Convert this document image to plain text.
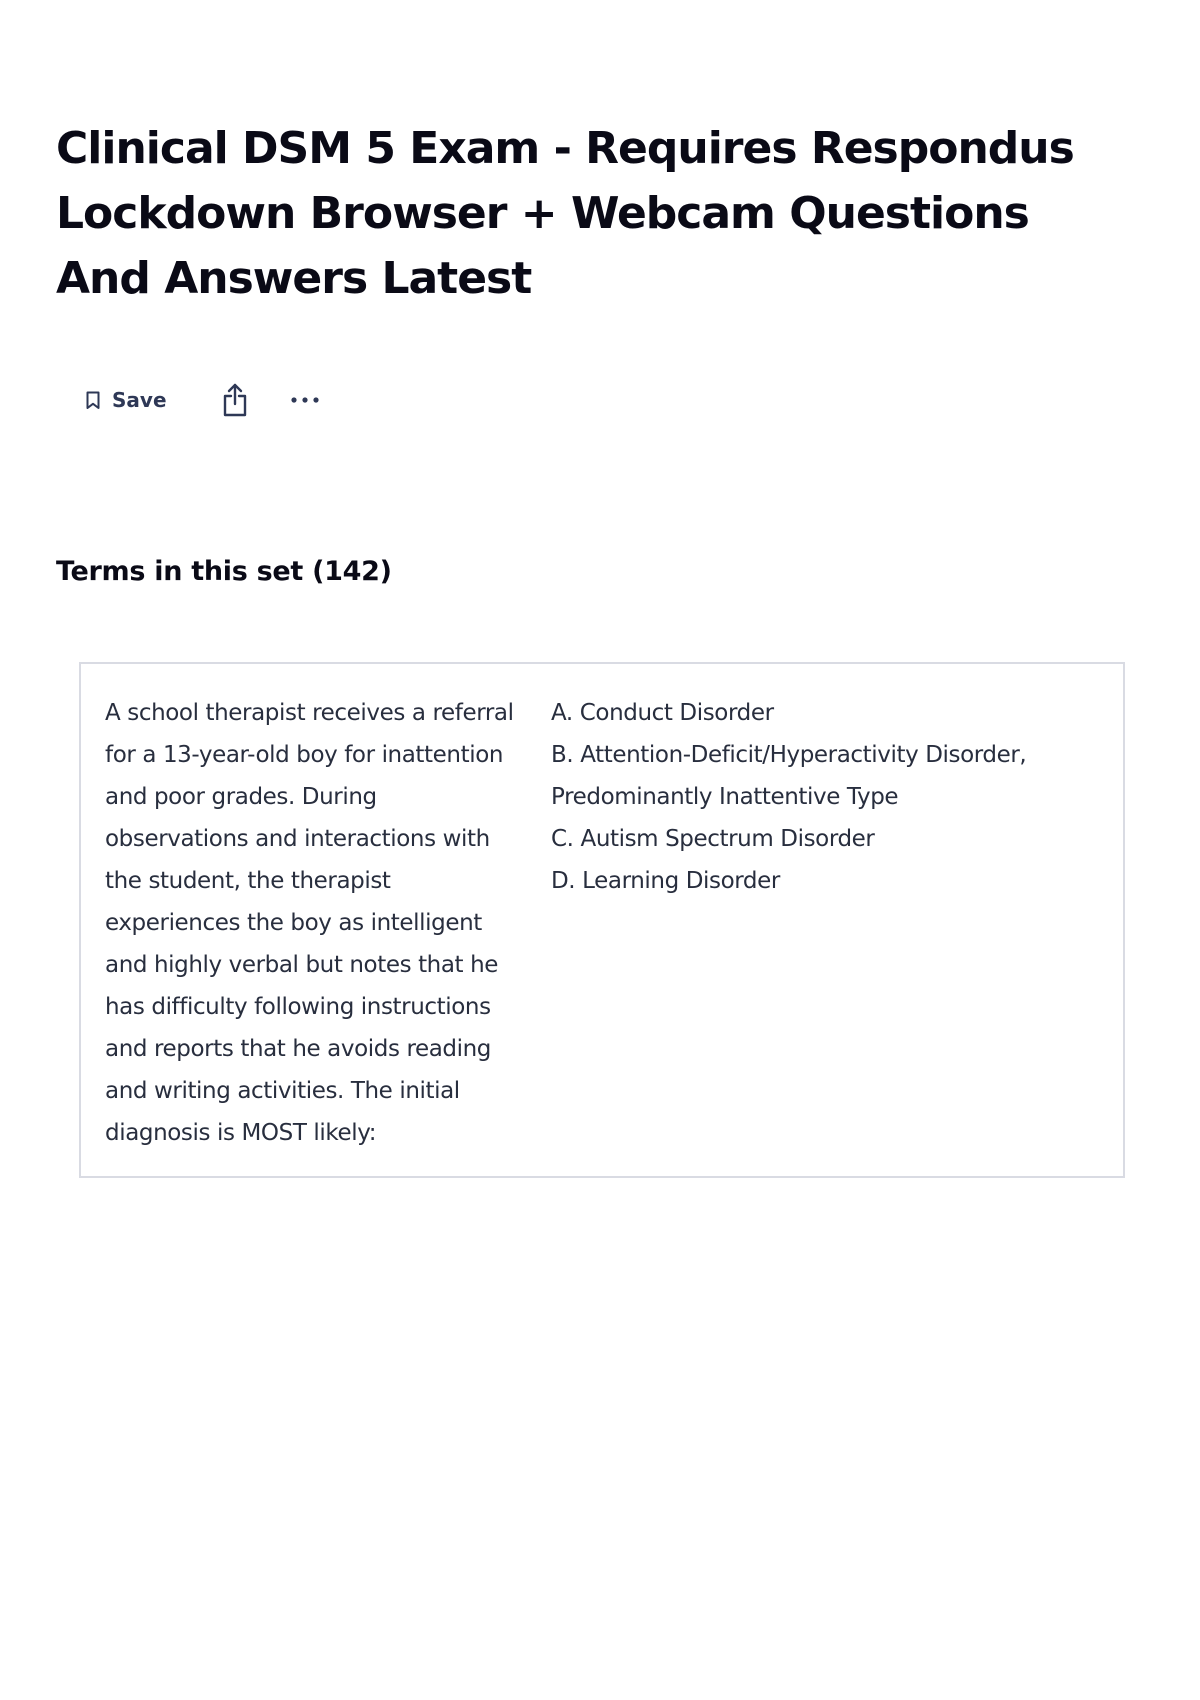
Clinical DSM 5 Exam - Requires Respondus Lockdown Browser + Webcam Questions And Answers Latest
Save
Terms in this set (142)

A school therapist receives a referral for a 13-year-old boy for inattention and poor grades. During observations and interactions with the student, the therapist experiences the boy as intelligent and highly verbal but notes that he has difficulty following instructions and reports that he avoids reading and writing activities. The initial diagnosis is MOST likely:

A. Conduct Disorder
B. Attention-Deficit/Hyperactivity Disorder, Predominantly Inattentive Type
C. Autism Spectrum Disorder
D. Learning Disorder
